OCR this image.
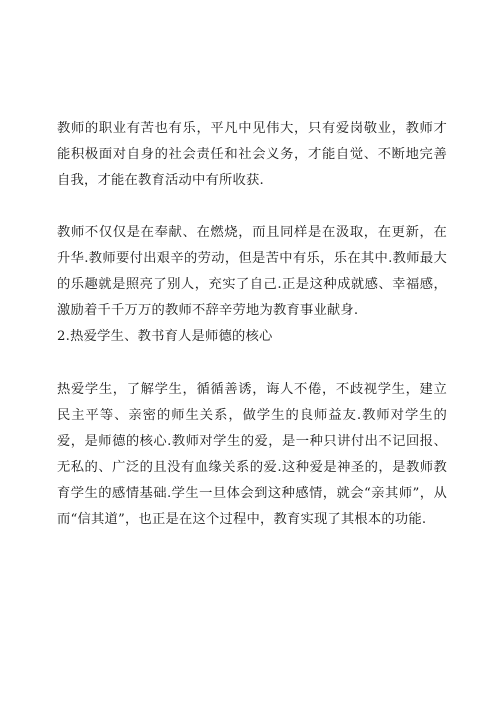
教师的职业有苦也有乐，平凡中见伟大，只有爱岗敬业，教师才能积极面对自身的社会责任和社会义务，才能自觉、不断地完善自我，才能在教育活动中有所收获.

教师不仅仅是在奉献、在燃烧，而且同样是在汲取，在更新，在升华.教师要付出艰辛的劳动，但是苦中有乐，乐在其中.教师最大的乐趣就是照亮了别人，充实了自己.正是这种成就感、幸福感，激励着千千万万的教师不辞辛劳地为教育事业献身.

2.热爱学生、教书育人是师德的核心

热爱学生，了解学生，循循善诱，诲人不倦，不歧视学生，建立民主平等、亲密的师生关系，做学生的良师益友.教师对学生的爱，是师德的核心.教师对学生的爱，是一种只讲付出不记回报、无私的、广泛的且没有血缘关系的爱.这种爱是神圣的，是教师教育学生的感情基础.学生一旦体会到这种感情，就会“亲其师”，从而“信其道”，也正是在这个过程中，教育实现了其根本的功能.
